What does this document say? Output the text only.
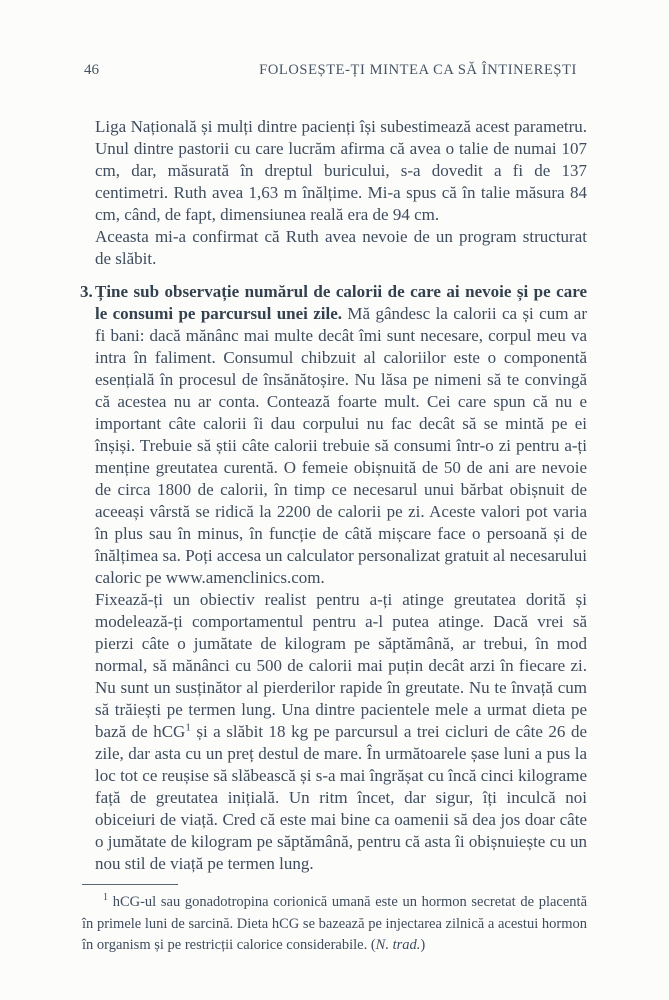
46	FOLOSEȘTE-ȚI MINTEA CA SĂ ÎNTINEREȘTI

Liga Națională și mulți dintre pacienți își subestimează acest parametru. Unul dintre pastorii cu care lucrăm afirma că avea o talie de numai 107 cm, dar, măsurată în dreptul buricului, s-a dovedit a fi de 137 centimetri. Ruth avea 1,63 m înălțime. Mi-a spus că în talie măsura 84 cm, când, de fapt, dimensiunea reală era de 94 cm.

Aceasta mi-a confirmat că Ruth avea nevoie de un program structurat de slăbit.

3. Ține sub observație numărul de calorii de care ai nevoie și pe care le consumi pe parcursul unei zile. Mă gândesc la calorii ca și cum ar fi bani: dacă mănânc mai multe decât îmi sunt necesare, corpul meu va intra în faliment. Consumul chibzuit al caloriilor este o componentă esențială în procesul de însănătoșire. Nu lăsa pe nimeni să te convingă că acestea nu ar conta. Contează foarte mult. Cei care spun că nu e important câte calorii îi dau corpului nu fac decât să se mintă pe ei înșiși. Trebuie să știi câte calorii trebuie să consumi într-o zi pentru a-ți menține greutatea curentă. O femeie obișnuită de 50 de ani are nevoie de circa 1800 de calorii, în timp ce necesarul unui bărbat obișnuit de aceeași vârstă se ridică la 2200 de calorii pe zi. Aceste valori pot varia în plus sau în minus, în funcție de câtă mișcare face o persoană și de înălțimea sa. Poți accesa un calculator personalizat gratuit al necesarului caloric pe www.amenclinics.com.

Fixează-ți un obiectiv realist pentru a-ți atinge greutatea dorită și modelează-ți comportamentul pentru a-l putea atinge. Dacă vrei să pierzi câte o jumătate de kilogram pe săptămână, ar trebui, în mod normal, să mănânci cu 500 de calorii mai puțin decât arzi în fiecare zi. Nu sunt un susținător al pierderilor rapide în greutate. Nu te învață cum să trăiești pe termen lung. Una dintre pacientele mele a urmat dieta pe bază de hCG$^1$ și a slăbit 18 kg pe parcursul a trei cicluri de câte 26 de zile, dar asta cu un preț destul de mare. În următoarele șase luni a pus la loc tot ce reușise să slăbească și s-a mai îngrășat cu încă cinci kilograme față de greutatea inițială. Un ritm încet, dar sigur, îți inculcă noi obiceiuri de viață. Cred că este mai bine ca oamenii să dea jos doar câte o jumătate de kilogram pe săptămână, pentru că asta îi obișnuiește cu un nou stil de viață pe termen lung.

$^1$ hCG-ul sau gonadotropina corionică umană este un hormon secretat de placentă în primele luni de sarcină. Dieta hCG se bazează pe injectarea zilnică a acestui hormon în organism și pe restricții calorice considerabile. (N. trad.)
